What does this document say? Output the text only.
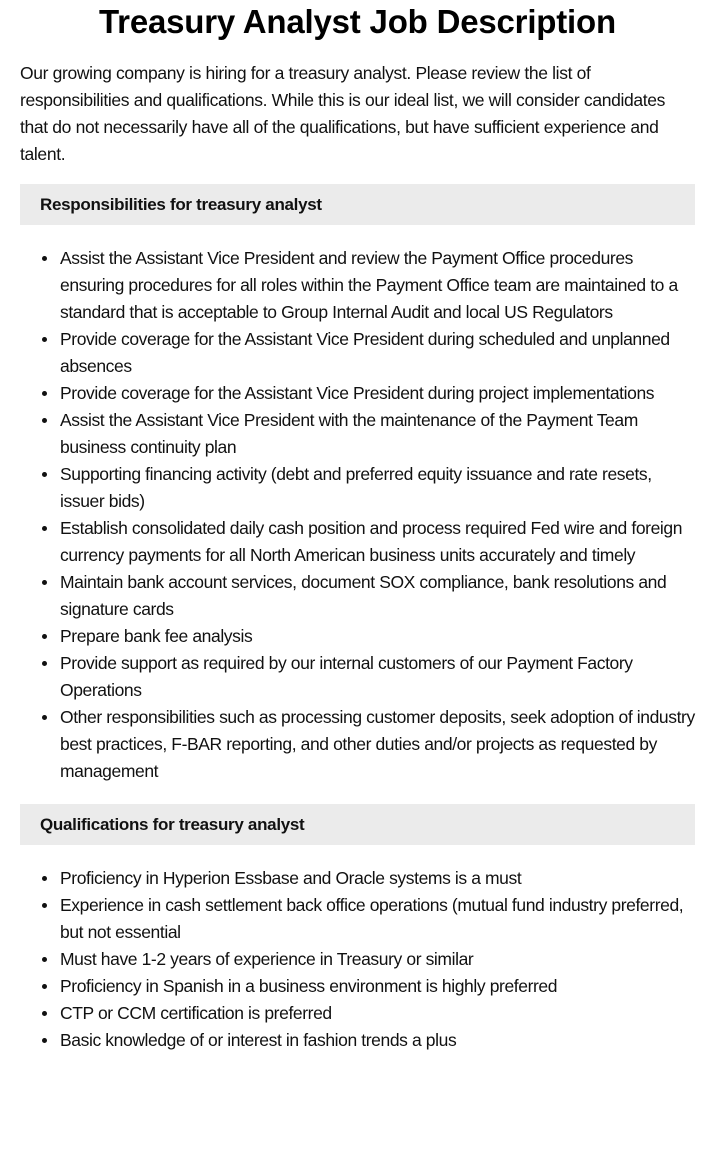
Treasury Analyst Job Description

Our growing company is hiring for a treasury analyst. Please review the list of responsibilities and qualifications. While this is our ideal list, we will consider candidates that do not necessarily have all of the qualifications, but have sufficient experience and talent.

Responsibilities for treasury analyst
Assist the Assistant Vice President and review the Payment Office procedures ensuring procedures for all roles within the Payment Office team are maintained to a standard that is acceptable to Group Internal Audit and local US Regulators
Provide coverage for the Assistant Vice President during scheduled and unplanned absences
Provide coverage for the Assistant Vice President during project implementations
Assist the Assistant Vice President with the maintenance of the Payment Team business continuity plan
Supporting financing activity (debt and preferred equity issuance and rate resets, issuer bids)
Establish consolidated daily cash position and process required Fed wire and foreign currency payments for all North American business units accurately and timely
Maintain bank account services, document SOX compliance, bank resolutions and signature cards
Prepare bank fee analysis
Provide support as required by our internal customers of our Payment Factory Operations
Other responsibilities such as processing customer deposits, seek adoption of industry best practices, F-BAR reporting, and other duties and/or projects as requested by management
Qualifications for treasury analyst
Proficiency in Hyperion Essbase and Oracle systems is a must
Experience in cash settlement back office operations (mutual fund industry preferred, but not essential
Must have 1-2 years of experience in Treasury or similar
Proficiency in Spanish in a business environment is highly preferred
CTP or CCM certification is preferred
Basic knowledge of or interest in fashion trends a plus
